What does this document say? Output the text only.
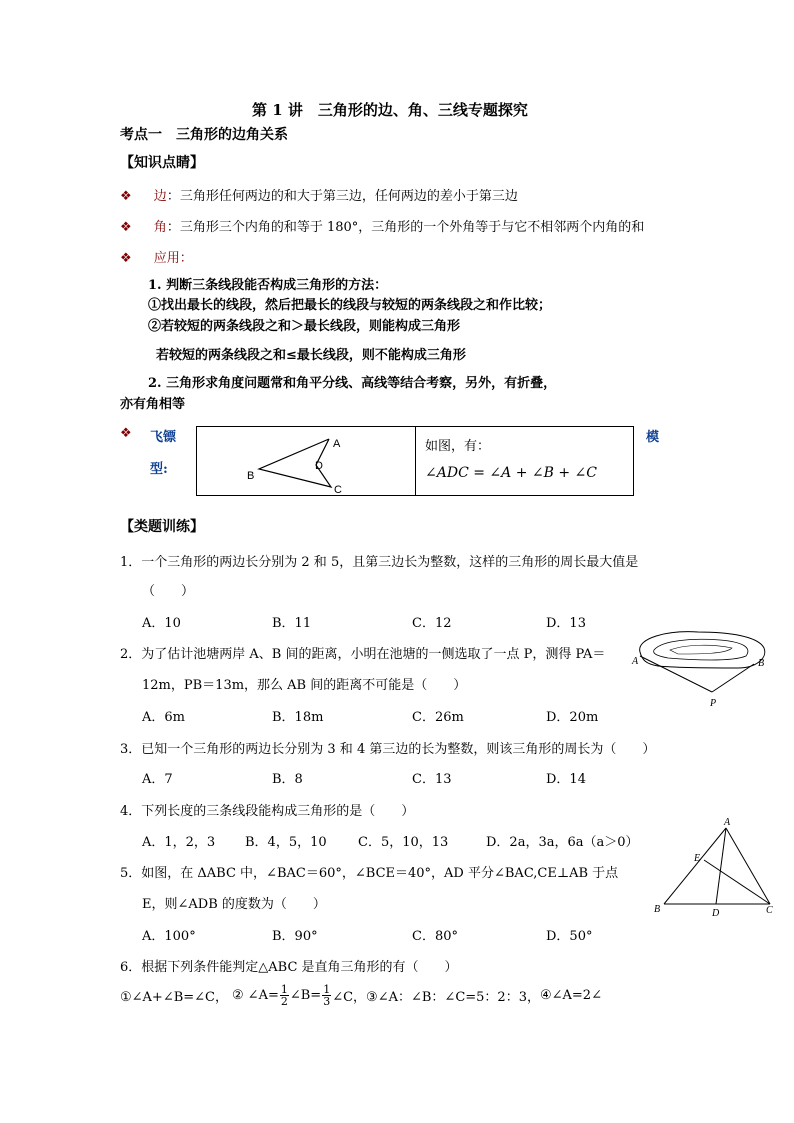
第 1 讲　三角形的边、角、三线专题探究
考点一　三角形的边角关系
【知识点睛】
❖ 边：三角形任何两边的和大于第三边，任何两边的差小于第三边
❖ 角：三角形三个内角的和等于 180°，三角形的一个外角等于与它不相邻两个内角的和
❖ 应用：
1. 判断三条线段能否构成三角形的方法：
①找出最长的线段，然后把最长的线段与较短的两条线段之和作比较；
②若较短的两条线段之和＞最长线段，则能构成三角形
若较短的两条线段之和≤最长线段，则不能构成三角形
2. 三角形求角度问题常和角平分线、高线等结合考察，另外，有折叠，
亦有角相等
❖ 飞镖
型:
模
A
B
D
C
如图，有：
∠ADC = ∠A + ∠B + ∠C
【类题训练】
1．一个三角形的两边长分别为 2 和 5，且第三边长为整数，这样的三角形的周长最大值是
（　　）
A．10	B．11	C．12	D．13
2．为了估计池塘两岸 A、B 间的距离，小明在池塘的一侧选取了一点 P，测得 PA＝
12m，PB＝13m，那么 AB 间的距离不可能是（　　）
A．6m	B．18m	C．26m	D．20m
A	B
P
3．已知一个三角形的两边长分别为 3 和 4 第三边的长为整数，则该三角形的周长为（　　）
A．7	B．8	C．13	D．14
4．下列长度的三条线段能构成三角形的是（　　）
A．1，2，3 B．4，5，10 C．5，10，13	D．2a，3a，6a（a＞0）
5．如图，在 ΔABC 中，∠BAC＝60°，∠BCE＝40°，AD 平分∠BAC,CE⊥AB 于点
E，则∠ADB 的度数为（　　）
A．100°	B．90°	C．80°	D．50°
A
B	C
D
E
6．根据下列条件能判定△ABC 是直角三角形的有（　　）
①∠A+∠B=∠C， ② ∠A= $\frac{1}{2}$ ∠B= $\frac{1}{3}$ ∠C， ③∠A：∠B：∠C=5：2：3， ④∠A=2∠
